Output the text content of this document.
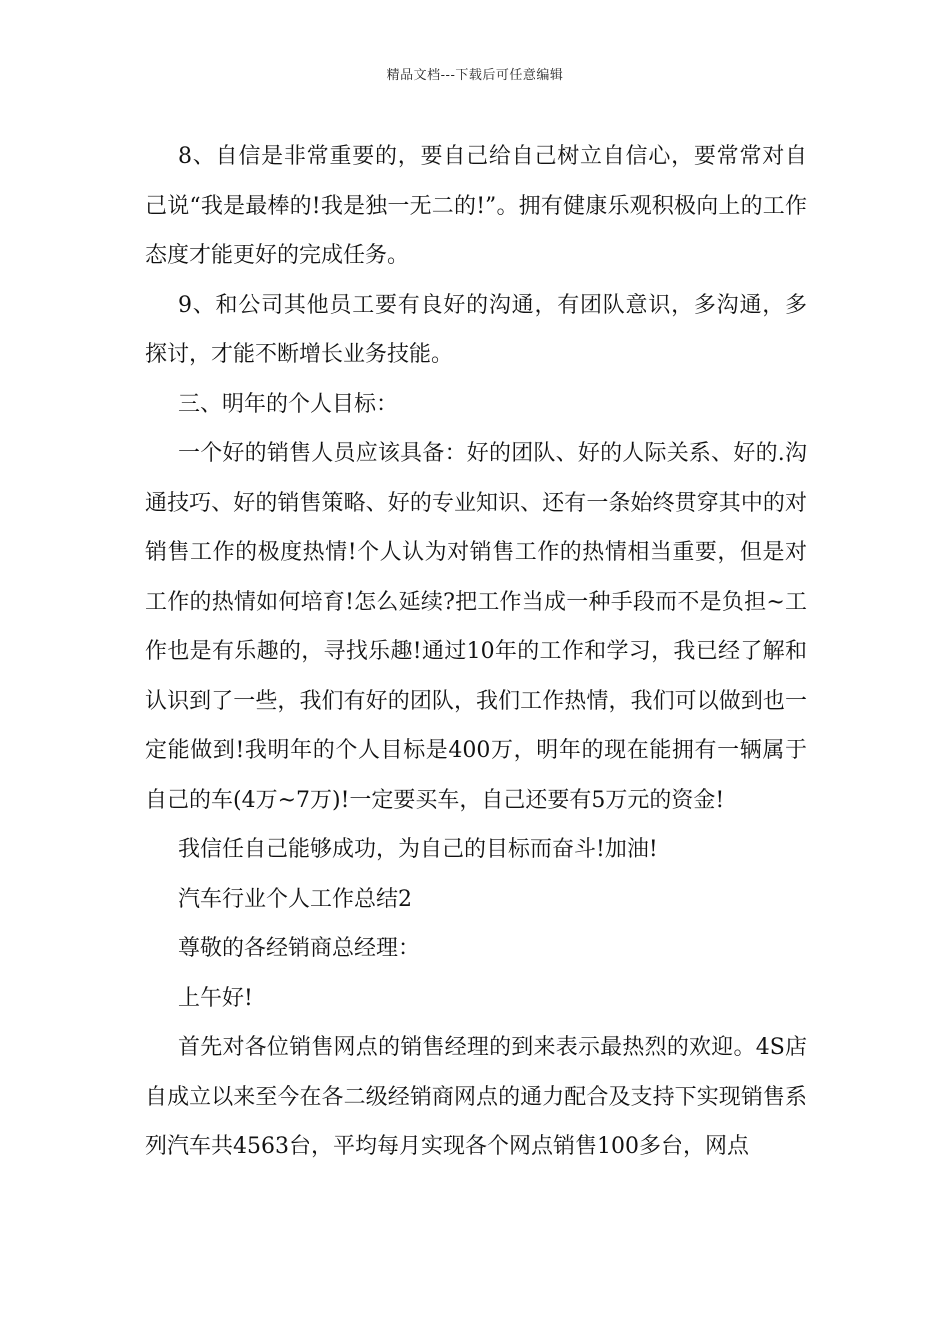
精品文档---下载后可任意编辑

8、自信是非常重要的，要自己给自己树立自信心，要常常对自己说“我是最棒的!我是独一无二的!”。拥有健康乐观积极向上的工作态度才能更好的完成任务。

9、和公司其他员工要有良好的沟通，有团队意识，多沟通，多探讨，才能不断增长业务技能。

三、明年的个人目标：

一个好的销售人员应该具备：好的团队、好的人际关系、好的.沟通技巧、好的销售策略、好的专业知识、还有一条始终贯穿其中的对销售工作的极度热情!个人认为对销售工作的热情相当重要，但是对工作的热情如何培育!怎么延续?把工作当成一种手段而不是负担~工作也是有乐趣的，寻找乐趣!通过10年的工作和学习，我已经了解和认识到了一些，我们有好的团队，我们工作热情，我们可以做到也一定能做到!我明年的个人目标是400万，明年的现在能拥有一辆属于自己的车(4万~7万)!一定要买车，自己还要有5万元的资金!

我信任自己能够成功，为自己的目标而奋斗!加油!

汽车行业个人工作总结2

尊敬的各经销商总经理：

上午好!

首先对各位销售网点的销售经理的到来表示最热烈的欢迎。4S店自成立以来至今在各二级经销商网点的通力配合及支持下实现销售系列汽车共4563台，平均每月实现各个网点销售100多台，网点
